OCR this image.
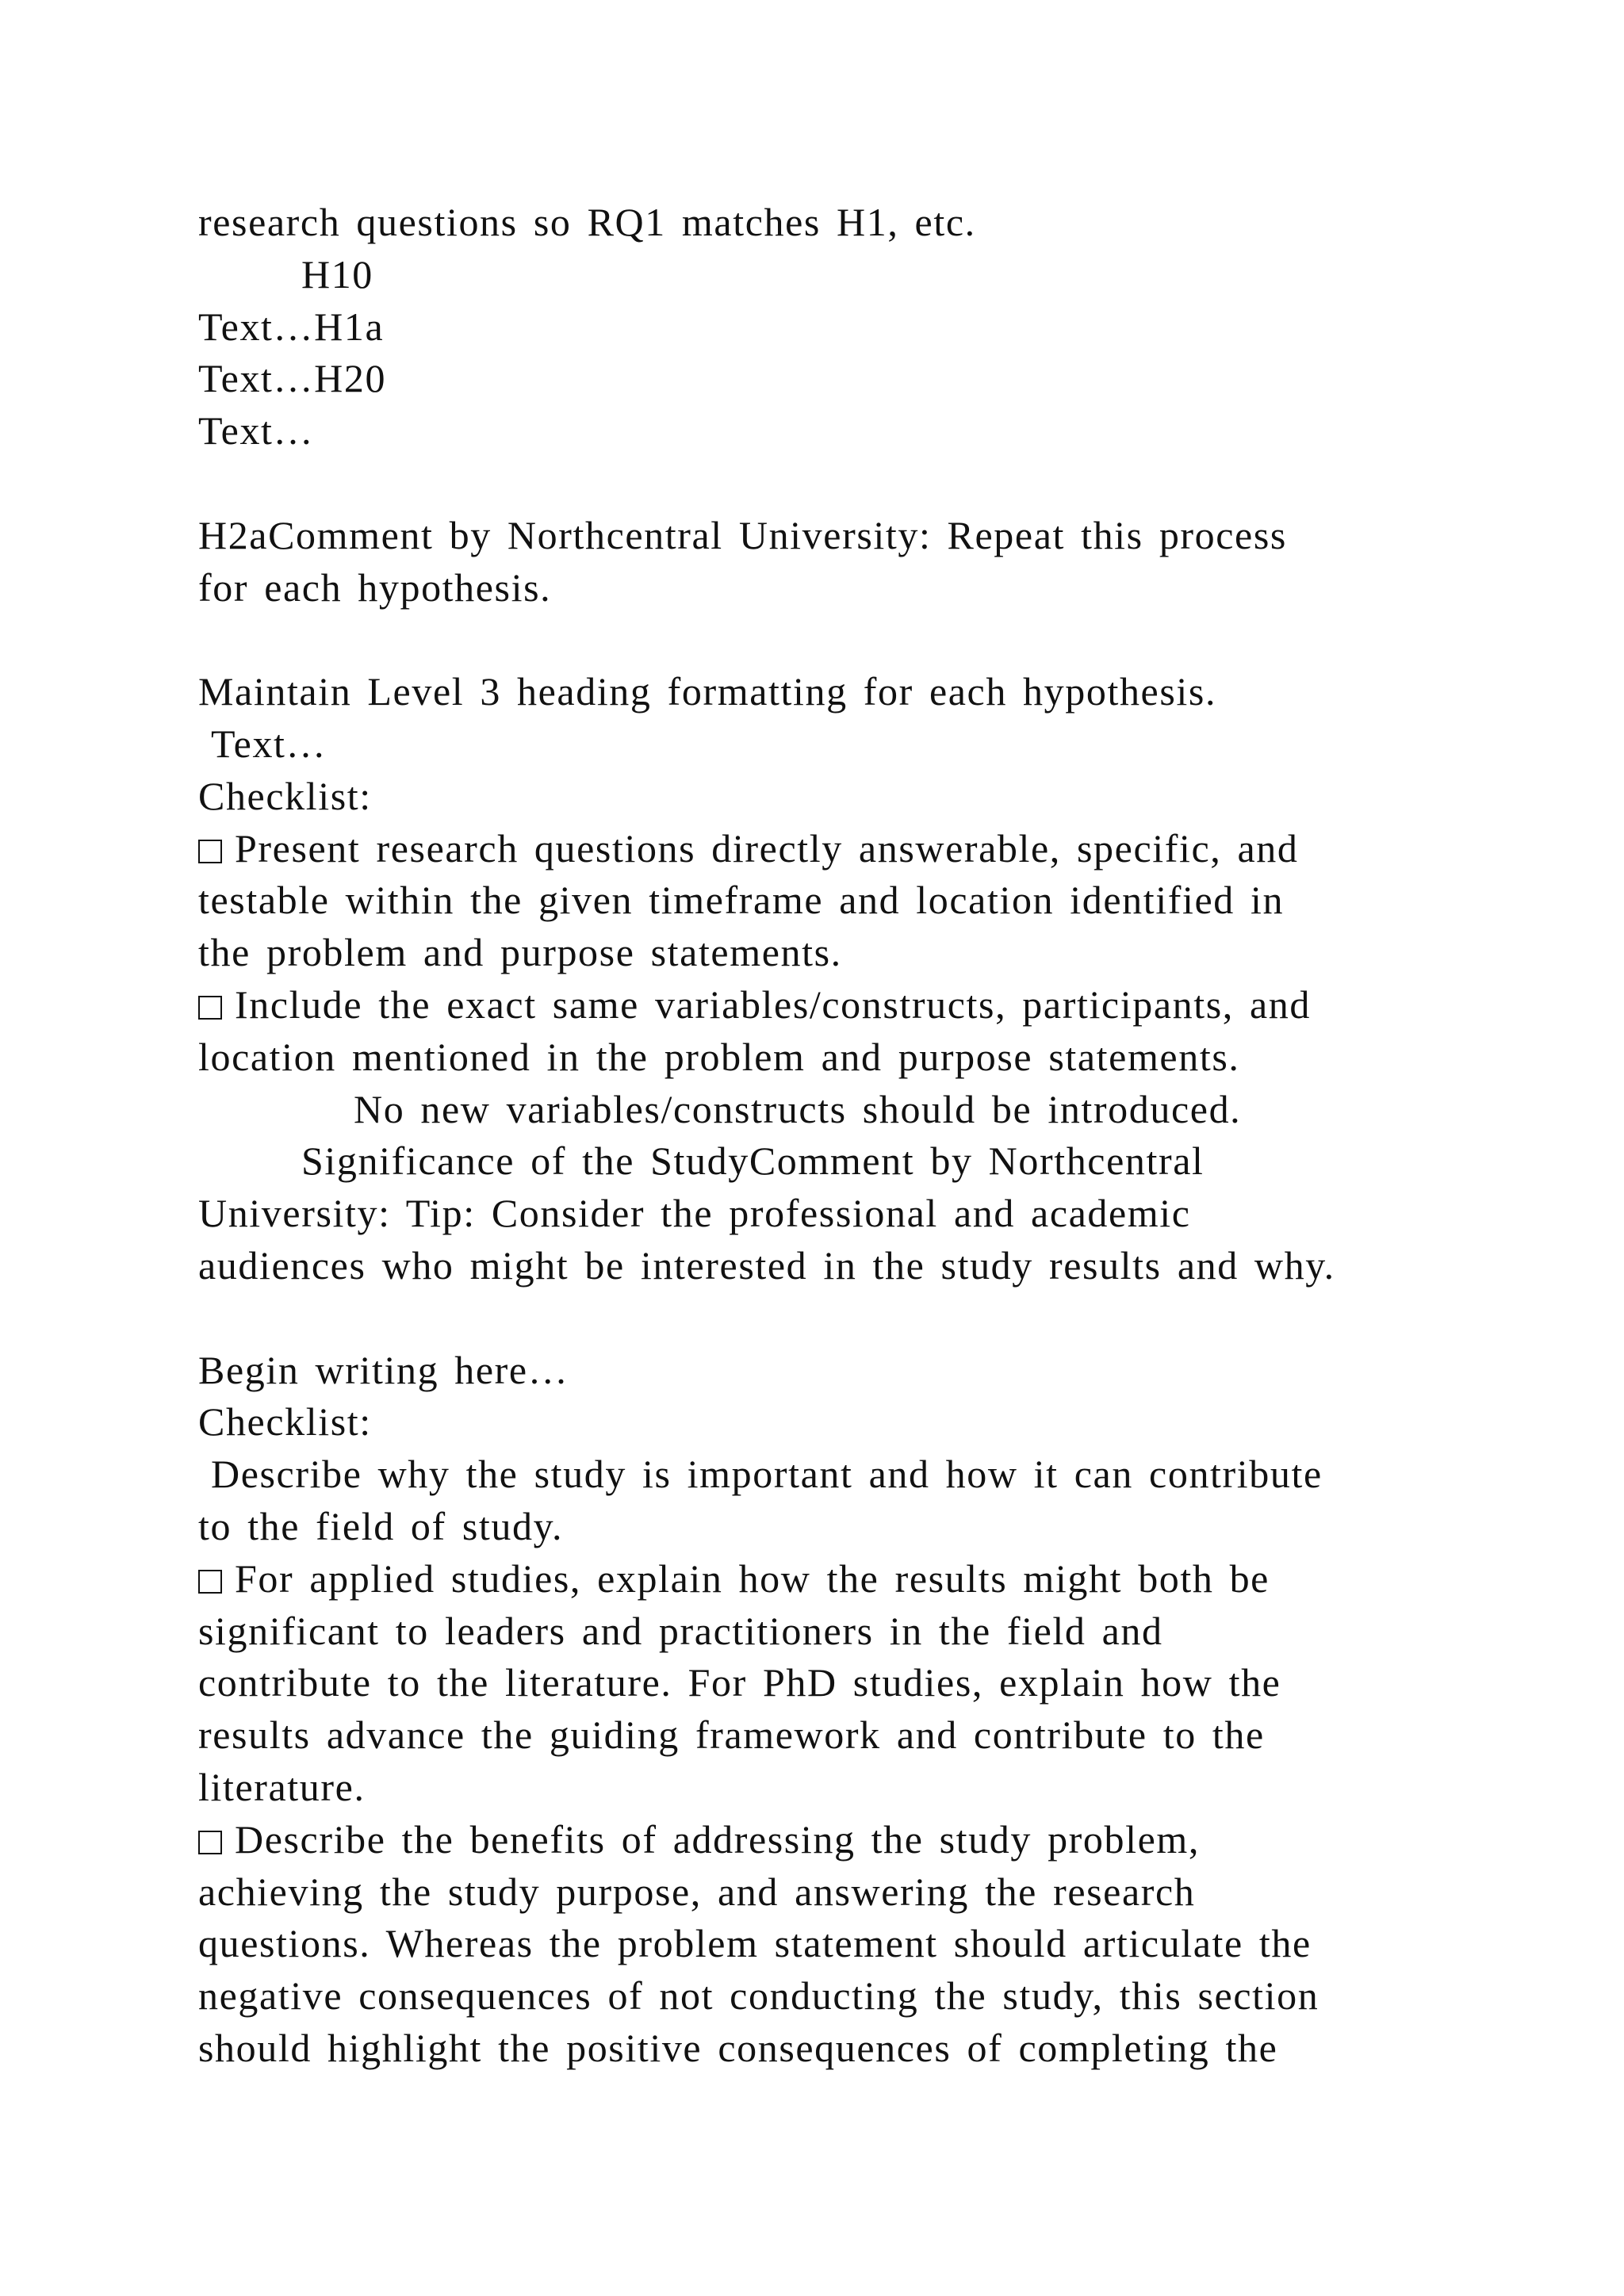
research questions so RQ1 matches H1, etc.
H10
Text…H1a
Text…H20
Text…
H2aComment by Northcentral University: Repeat this process
for each hypothesis.
Maintain Level 3 heading formatting for each hypothesis.
Text…
Checklist:
Present research questions directly answerable, specific, and
testable within the given timeframe and location identified in
the problem and purpose statements.
Include the exact same variables/constructs, participants, and
location mentioned in the problem and purpose statements.
No new variables/constructs should be introduced.
Significance of the StudyComment by Northcentral
University: Tip: Consider the professional and academic
audiences who might be interested in the study results and why.
Begin writing here…
Checklist:
Describe why the study is important and how it can contribute
to the field of study.
For applied studies, explain how the results might both be
significant to leaders and practitioners in the field and
contribute to the literature. For PhD studies, explain how the
results advance the guiding framework and contribute to the
literature.
Describe the benefits of addressing the study problem,
achieving the study purpose, and answering the research
questions. Whereas the problem statement should articulate the
negative consequences of not conducting the study, this section
should highlight the positive consequences of completing the
